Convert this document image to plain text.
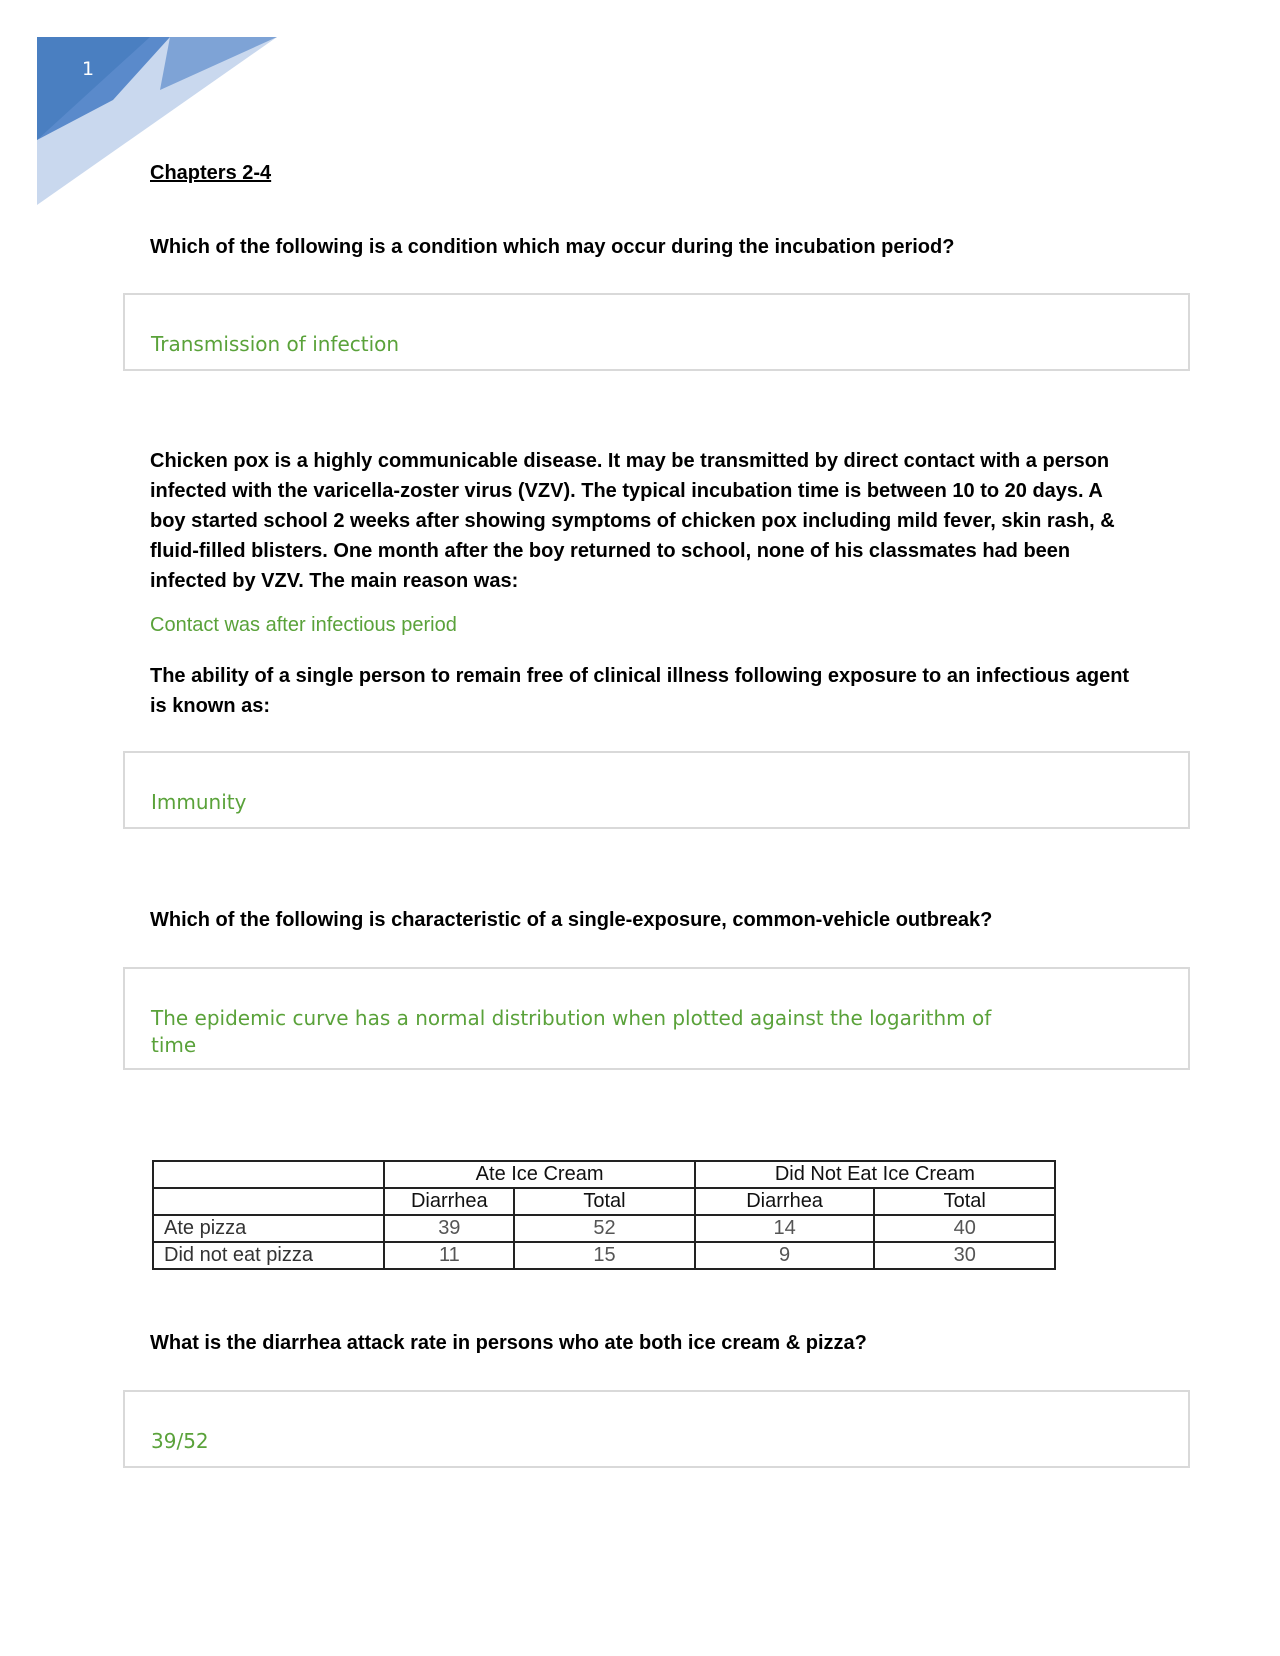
1
Chapters 2-4
Which of the following is a condition which may occur during the incubation period?
Transmission of infection
Chicken pox is a highly communicable disease. It may be transmitted by direct contact with a person
infected with the varicella-zoster virus (VZV). The typical incubation time is between 10 to 20 days. A
boy started school 2 weeks after showing symptoms of chicken pox including mild fever, skin rash, &
fluid-filled blisters. One month after the boy returned to school, none of his classmates had been
infected by VZV. The main reason was:
Contact was after infectious period
The ability of a single person to remain free of clinical illness following exposure to an infectious agent
is known as:
Immunity
Which of the following is characteristic of a single-exposure, common-vehicle outbreak?
The epidemic curve has a normal distribution when plotted against the logarithm of
time
	Ate Ice Cream		Did Not Eat Ice Cream	
	Diarrhea	Total	Diarrhea	Total
Ate pizza	39	52	14	40
Did not eat pizza	11	15	9	30
What is the diarrhea attack rate in persons who ate both ice cream & pizza?
39/52
